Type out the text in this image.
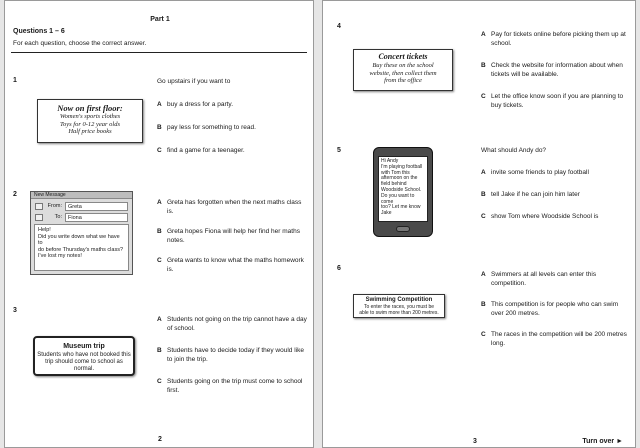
Part 1
Questions 1 – 6
For each question, choose the correct answer.
1
Now on first floor:
Women's sports clothes
Toys for 0-12 year olds
Half price books
Go upstairs if you want to
A buy a dress for a party.
B pay less for something to read.
C find a game for a teenager.
2	New Message
From:	Greta
To:	Fiona
Help!
Did you write down what we have to
do before Thursday's maths class?
I've lost my notes!
A Greta has forgotten when the next maths class is.
B Greta hopes Fiona will help her find her maths notes.
C Greta wants to know what the maths homework is.
3
Museum trip
Students who have not booked this
trip should come to school as
normal.
A Students not going on the trip cannot have a day of school.
B Students have to decide today if they would like to join the trip.
C Students going on the trip must come to school first.
2
4
Concert tickets
Buy these on the school
website, then collect them
from the office
A Pay for tickets online before picking them up at school.
B Check the website for information about when tickets will be available.
C Let the office know soon if you are planning to buy tickets.
5
Hi Andy
I'm playing football
with Tom this
afternoon on the
field behind
Woodside School.
Do you want to come
too? Let me know
Jake
What should Andy do?
A invite some friends to play football
B tell Jake if he can join him later
C show Tom where Woodside School is
6
Swimming Competition
To enter the races, you must be
able to swim more than 200 metres.
A Swimmers at all levels can enter this competition.
B This competition is for people who can swim over 200 metres.
C The races in the competition will be 200 metres long.
3	Turn over ►
